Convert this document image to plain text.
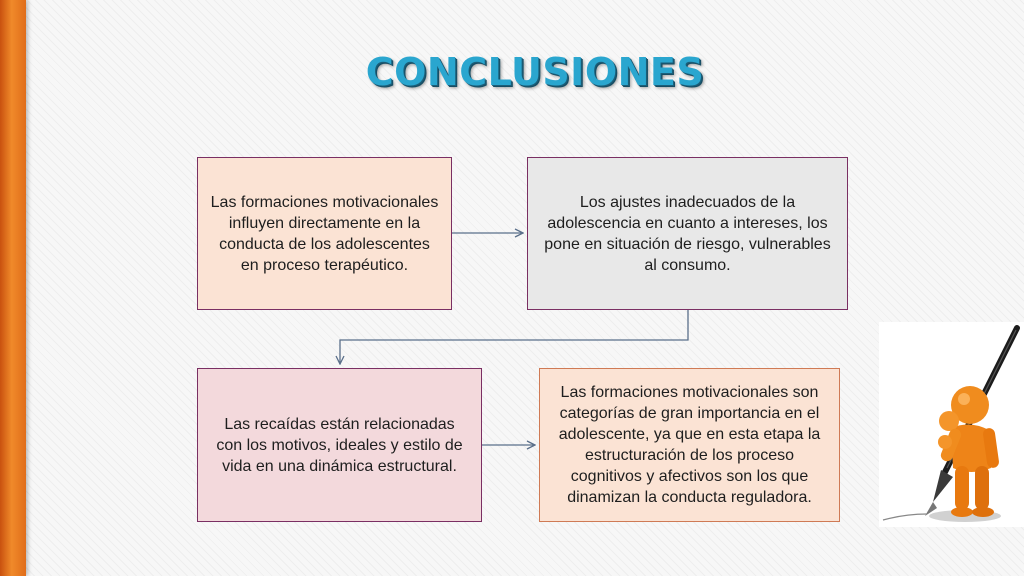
CONCLUSIONES
Las formaciones motivacionales influyen directamente en la conducta de los adolescentes en proceso terapéutico.
Los ajustes inadecuados de la adolescencia en cuanto a intereses, los pone en situación de riesgo, vulnerables al consumo.
Las recaídas están relacionadas con los motivos, ideales y estilo de vida en una dinámica estructural.
Las formaciones motivacionales son categorías de gran importancia en el adolescente, ya que en esta etapa la estructuración de los proceso cognitivos y afectivos son los que dinamizan la conducta reguladora.
